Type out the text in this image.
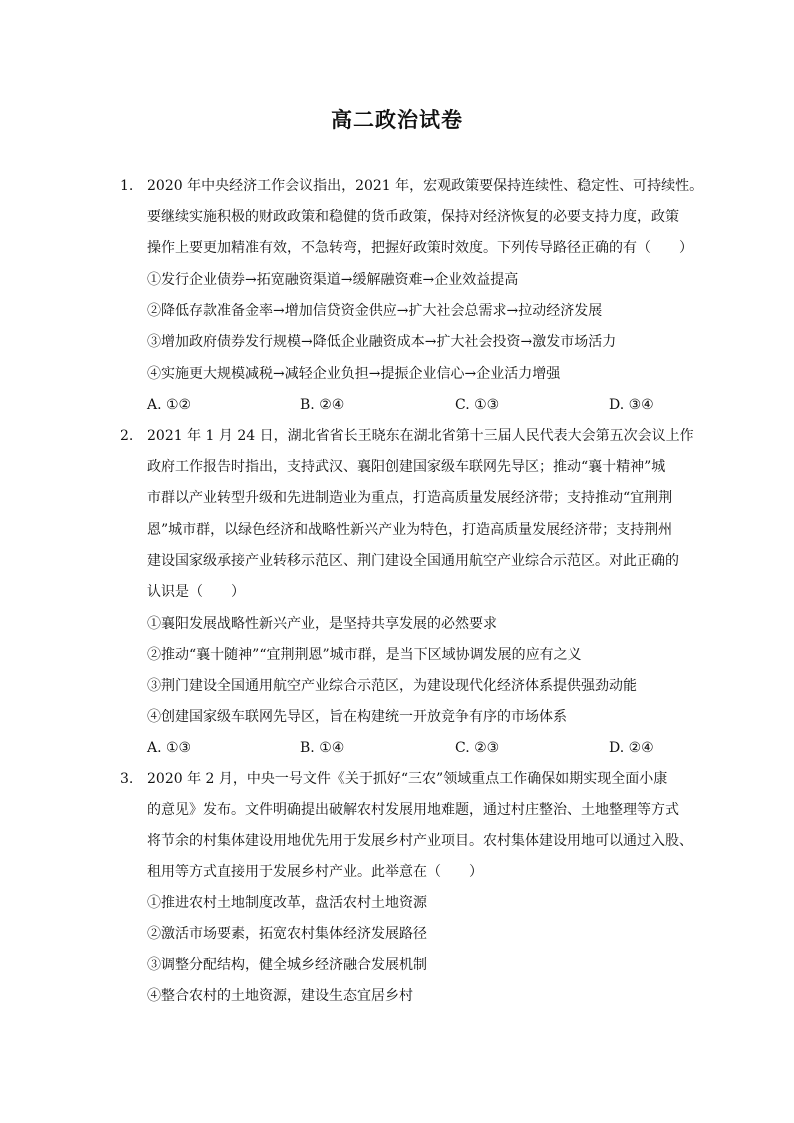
高二政治试卷
1. 2020 年中央经济工作会议指出，2021 年，宏观政策要保持连续性、稳定性、可持续性。
要继续实施积极的财政政策和稳健的货币政策，保持对经济恢复的必要支持力度，政策
操作上要更加精准有效，不急转弯，把握好政策时效度。下列传导路径正确的有（　　）
①发行企业债券→拓宽融资渠道→缓解融资难→企业效益提高
②降低存款准备金率→增加信贷资金供应→扩大社会总需求→拉动经济发展
③增加政府债券发行规模→降低企业融资成本→扩大社会投资→激发市场活力
④实施更大规模减税→减轻企业负担→提振企业信心→企业活力增强
A. ①②	B. ②④	C. ①③	D. ③④
2. 2021 年 1 月 24 日，湖北省省长王晓东在湖北省第十三届人民代表大会第五次会议上作
政府工作报告时指出，支持武汉、襄阳创建国家级车联网先导区；推动“襄十精神”城
市群以产业转型升级和先进制造业为重点，打造高质量发展经济带；支持推动“宜荆荆
恩”城市群，以绿色经济和战略性新兴产业为特色，打造高质量发展经济带；支持荆州
建设国家级承接产业转移示范区、荆门建设全国通用航空产业综合示范区。对此正确的
认识是（　　）
①襄阳发展战略性新兴产业，是坚持共享发展的必然要求
②推动“襄十随神”“宜荆荆恩”城市群，是当下区域协调发展的应有之义
③荆门建设全国通用航空产业综合示范区，为建设现代化经济体系提供强劲动能
④创建国家级车联网先导区，旨在构建统一开放竞争有序的市场体系
A. ①③	B. ①④	C. ②③	D. ②④
3. 2020 年 2 月，中央一号文件《关于抓好“三农”领域重点工作确保如期实现全面小康
的意见》发布。文件明确提出破解农村发展用地难题，通过村庄整治、土地整理等方式
将节余的村集体建设用地优先用于发展乡村产业项目。农村集体建设用地可以通过入股、
租用等方式直接用于发展乡村产业。此举意在（　　）
①推进农村土地制度改革，盘活农村土地资源
②激活市场要素，拓宽农村集体经济发展路径
③调整分配结构，健全城乡经济融合发展机制
④整合农村的土地资源，建设生态宜居乡村
